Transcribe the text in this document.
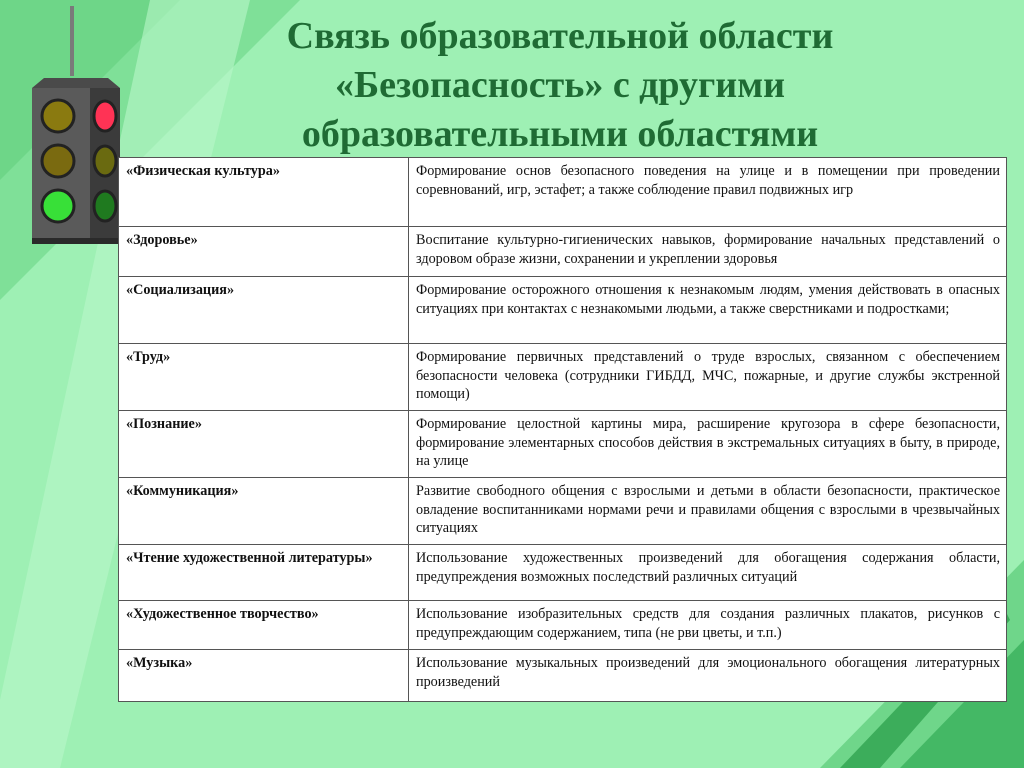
Связь образовательной области
«Безопасность» с другими
образовательными областями
«Физическая культура»	Формирование основ безопасного поведения на улице и в помещении при проведении соревнований, игр, эстафет; а также соблюдение правил подвижных игр
«Здоровье»	Воспитание культурно-гигиенических навыков, формирование начальных представлений о здоровом образе жизни, сохранении и укреплении здоровья
«Социализация»	Формирование осторожного отношения к незнакомым людям, умения действовать в опасных ситуациях при контактах с незнакомыми людьми, а также сверстниками и подростками;
«Труд»	Формирование первичных представлений о труде взрослых, связанном с обеспечением безопасности человека (сотрудники ГИБДД, МЧС, пожарные, и другие службы экстренной помощи)
«Познание»	Формирование целостной картины мира, расширение кругозора в сфере безопасности, формирование элементарных способов действия в экстремальных ситуациях в быту, в природе, на улице
«Коммуникация»	Развитие свободного общения с взрослыми и детьми в области безопасности, практическое овладение воспитанниками нормами речи и правилами общения с взрослыми в чрезвычайных ситуациях
«Чтение художественной литературы»	Использование художественных произведений для обогащения содержания области, предупреждения возможных последствий различных ситуаций
«Художественное творчество»	Использование изобразительных средств для создания различных плакатов, рисунков с предупреждающим содержанием, типа (не рви цветы, и т.п.)
«Музыка»	Использование музыкальных произведений для эмоционального обогащения литературных произведений
